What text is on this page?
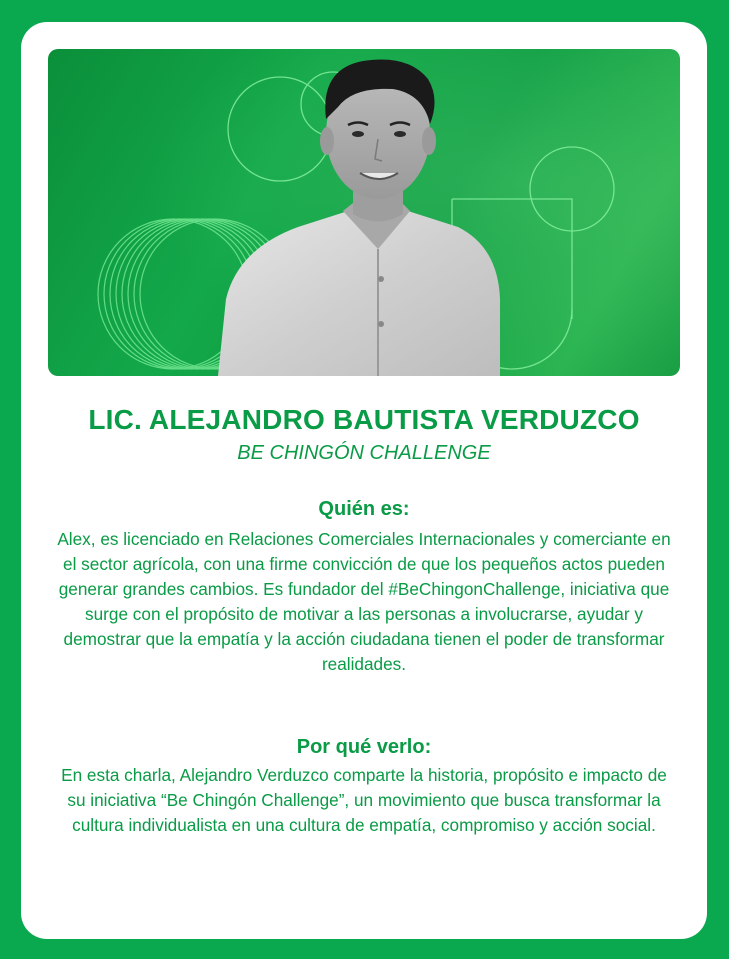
LIC. ALEJANDRO BAUTISTA VERDUZCO

BE CHINGÓN CHALLENGE

Quién es:

Alex, es licenciado en Relaciones Comerciales Internacionales y comerciante en el sector agrícola, con una firme convicción de que los pequeños actos pueden generar grandes cambios. Es fundador del #BeChingonChallenge, iniciativa que surge con el propósito de motivar a las personas a involucrarse, ayudar y demostrar que la empatía y la acción ciudadana tienen el poder de transformar realidades.

Por qué verlo:

En esta charla, Alejandro Verduzco comparte la historia, propósito e impacto de su iniciativa “Be Chingón Challenge”, un movimiento que busca transformar la cultura individualista en una cultura de empatía, compromiso y acción social.
